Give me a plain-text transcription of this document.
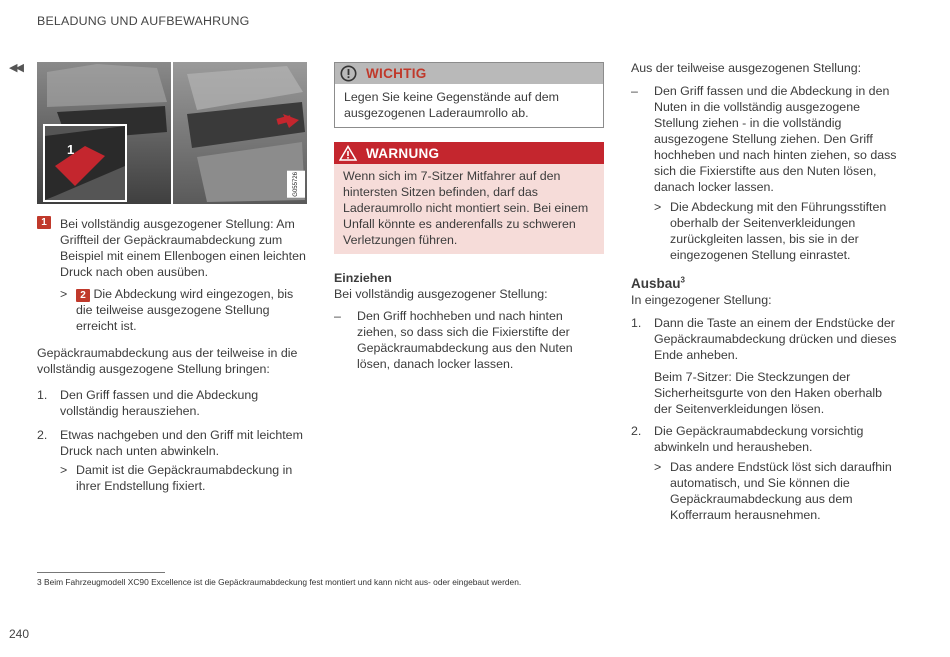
BELADUNG UND AUFBEWAHRUNG
◀◀
1
G055726
1	Bei vollständig ausgezogener Stellung: Am Griffteil der Gepäckraumabdeckung zum Beispiel mit einem Ellenbogen einen leichten Druck nach oben ausüben.

>	2 Die Abdeckung wird eingezogen, bis die teilweise ausgezogene Stellung erreicht ist.

Gepäckraumabdeckung aus der teilweise in die vollständig ausgezogene Stellung bringen:

1. Den Griff fassen und die Abdeckung vollständig herausziehen.

2. Etwas nachgeben und den Griff mit leichtem Druck nach unten abwinkeln.

> Damit ist die Gepäckraumabdeckung in ihrer Endstellung fixiert.

WICHTIG
Legen Sie keine Gegenstände auf dem ausgezogenen Laderaumrollo ab.
WARNUNG
Wenn sich im 7-Sitzer Mitfahrer auf den hintersten Sitzen befinden, darf das Laderaumrollo nicht montiert sein. Bei einem Unfall könnte es anderenfalls zu schweren Verletzungen führen.

Einziehen

Bei vollständig ausgezogener Stellung:

– Den Griff hochheben und nach hinten ziehen, so dass sich die Fixierstifte der Gepäckraumabdeckung aus den Nuten lösen, danach locker lassen.

Aus der teilweise ausgezogenen Stellung:

– Den Griff fassen und die Abdeckung in den Nuten in die vollständig ausgezogene Stellung ziehen - in die vollständig ausgezogene Stellung ziehen. Den Griff hochheben und nach hinten ziehen, so dass sich die Fixierstifte aus den Nuten lösen, danach locker lassen.

> Die Abdeckung mit den Führungsstiften oberhalb der Seitenverkleidungen zurückgleiten lassen, bis sie in der eingezogenen Stellung einrastet.

Ausbau$^3$

In eingezogener Stellung:

1. Dann die Taste an einem der Endstücke der Gepäckraumabdeckung drücken und dieses Ende anheben.

Beim 7-Sitzer: Die Steckzungen der Sicherheitsgurte von den Haken oberhalb der Seitenverkleidungen lösen.

2. Die Gepäckraumabdeckung vorsichtig abwinkeln und herausheben.

> Das andere Endstück löst sich daraufhin automatisch, und Sie können die Gepäckraumabdeckung aus dem Kofferraum herausnehmen.

3 Beim Fahrzeugmodell XC90 Excellence ist die Gepäckraumabdeckung fest montiert und kann nicht aus- oder eingebaut werden.
240
